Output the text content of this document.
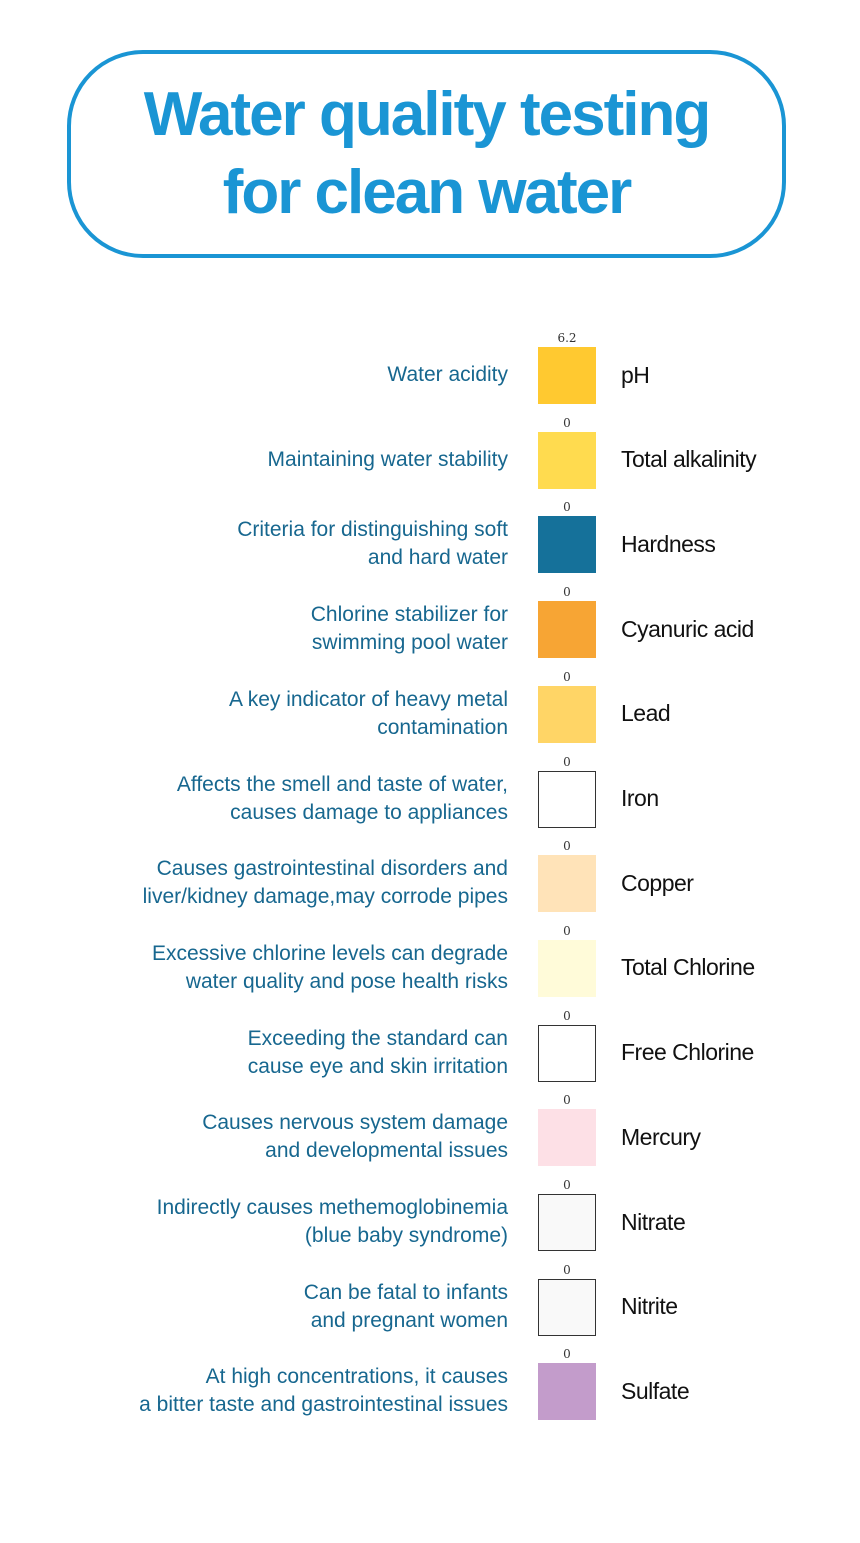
Water quality testing
for clean water
Water acidity
6.2
pH
Maintaining water stability
0
Total alkalinity
Criteria for distinguishing soft
and hard water
0
Hardness
Chlorine stabilizer for
swimming pool water
0
Cyanuric acid
A key indicator of heavy metal
contamination
0
Lead
Affects the smell and taste of water,
causes damage to appliances
0
Iron
Causes gastrointestinal disorders and
liver/kidney damage,may corrode pipes
0
Copper
Excessive chlorine levels can degrade
water quality and pose health risks
0
Total Chlorine
Exceeding the standard can
cause eye and skin irritation
0
Free Chlorine
Causes nervous system damage
and developmental issues
0
Mercury
Indirectly causes methemoglobinemia
(blue baby syndrome)
0
Nitrate
Can be fatal to infants
and pregnant women
0
Nitrite
At high concentrations, it causes
a bitter taste and gastrointestinal issues
0
Sulfate
